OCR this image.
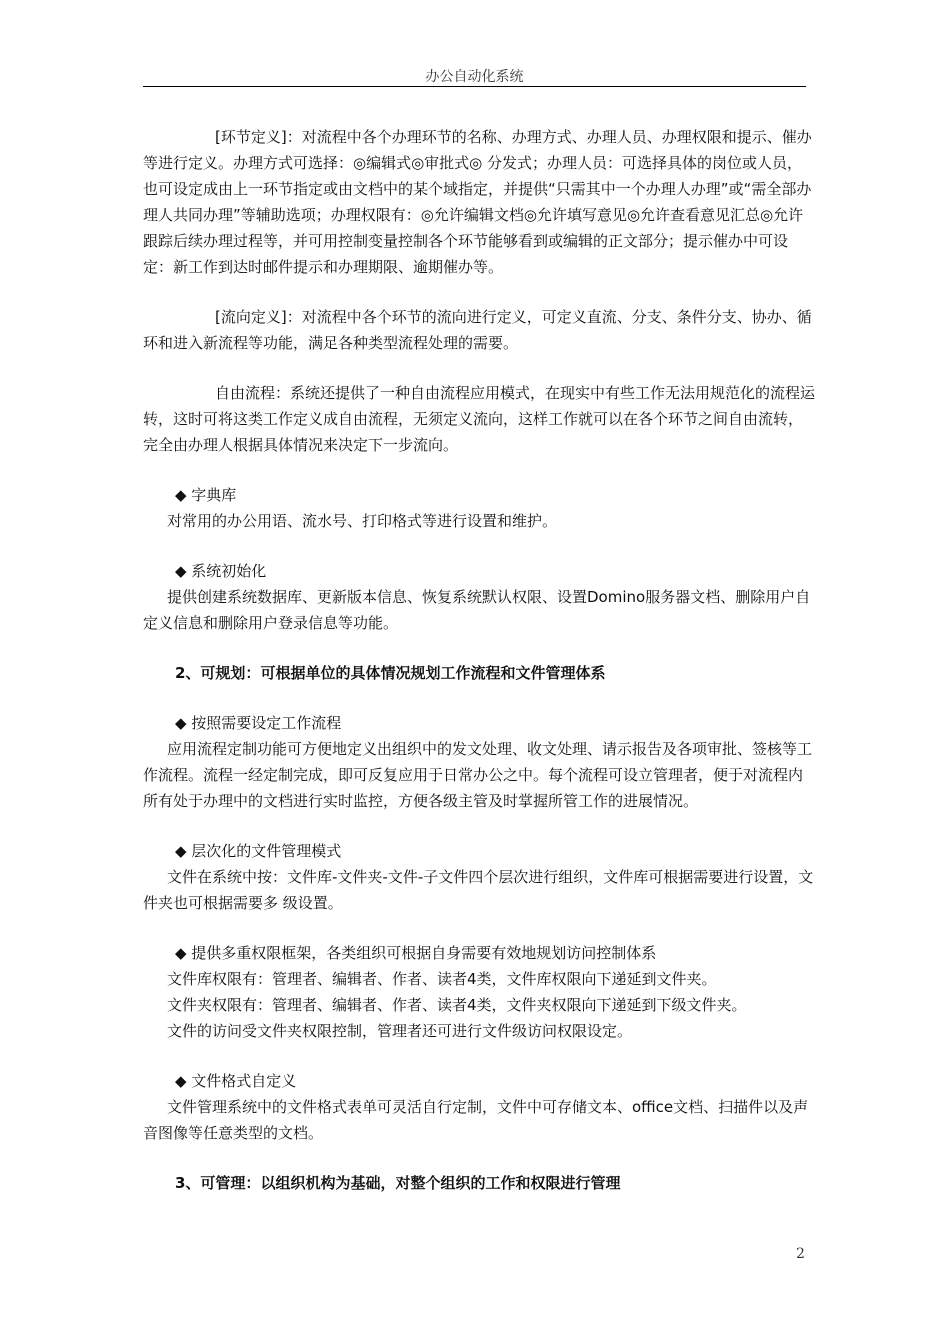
办公自动化系统

[环节定义]：对流程中各个办理环节的名称、办理方式、办理人员、办理权限和提示、催办等进行定义。办理方式可选择：◎编辑式◎审批式◎ 分发式；办理人员：可选择具体的岗位或人员，也可设定成由上一环节指定或由文档中的某个域指定，并提供“只需其中一个办理人办理”或“需全部办理人共同办理”等辅助选项；办理权限有：◎允许编辑文档◎允许填写意见◎允许查看意见汇总◎允许跟踪后续办理过程等，并可用控制变量控制各个环节能够看到或编辑的正文部分；提示催办中可设定：新工作到达时邮件提示和办理期限、逾期催办等。

[流向定义]：对流程中各个环节的流向进行定义，可定义直流、分支、条件分支、协办、循环和进入新流程等功能，满足各种类型流程处理的需要。

自由流程：系统还提供了一种自由流程应用模式，在现实中有些工作无法用规范化的流程运转，这时可将这类工作定义成自由流程，无须定义流向，这样工作就可以在各个环节之间自由流转，完全由办理人根据具体情况来决定下一步流向。

◆ 字典库

对常用的办公用语、流水号、打印格式等进行设置和维护。

◆ 系统初始化

提供创建系统数据库、更新版本信息、恢复系统默认权限、设置Domino服务器文档、删除用户自定义信息和删除用户登录信息等功能。

2、可规划：可根据单位的具体情况规划工作流程和文件管理体系

◆ 按照需要设定工作流程

应用流程定制功能可方便地定义出组织中的发文处理、收文处理、请示报告及各项审批、签核等工作流程。流程一经定制完成，即可反复应用于日常办公之中。每个流程可设立管理者，便于对流程内所有处于办理中的文档进行实时监控，方便各级主管及时掌握所管工作的进展情况。

◆ 层次化的文件管理模式

文件在系统中按：文件库-文件夹-文件-子文件四个层次进行组织，文件库可根据需要进行设置，文件夹也可根据需要多 级设置。

◆ 提供多重权限框架，各类组织可根据自身需要有效地规划访问控制体系

文件库权限有：管理者、编辑者、作者、读者4类，文件库权限向下递延到文件夹。

文件夹权限有：管理者、编辑者、作者、读者4类，文件夹权限向下递延到下级文件夹。

文件的访问受文件夹权限控制，管理者还可进行文件级访问权限设定。

◆ 文件格式自定义

文件管理系统中的文件格式表单可灵活自行定制，文件中可存储文本、office文档、扫描件以及声音图像等任意类型的文档。

3、可管理：以组织机构为基础，对整个组织的工作和权限进行管理

2
